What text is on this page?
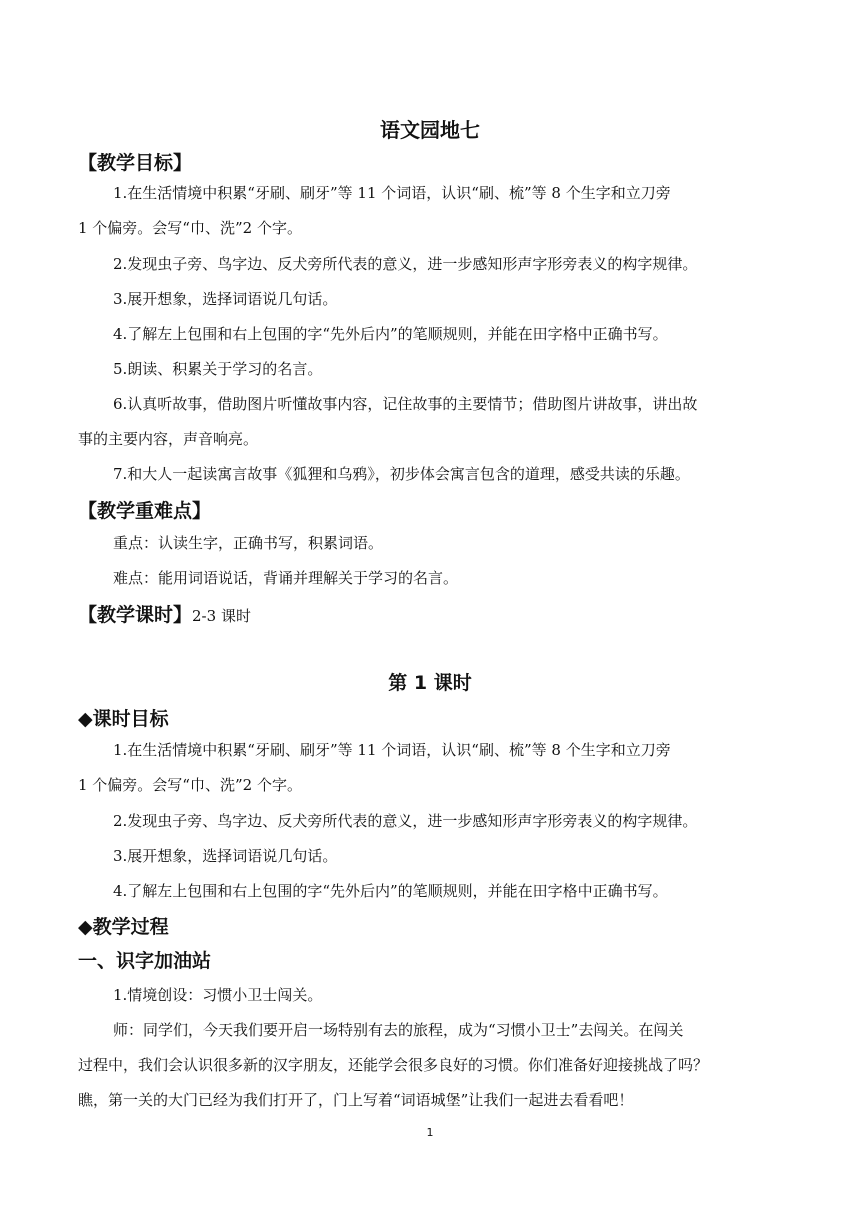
语文园地七
【教学目标】
1.在生活情境中积累“牙刷、刷牙”等 11 个词语，认识“刷、梳”等 8 个生字和立刀旁
1 个偏旁。会写“巾、洗”2 个字。
2.发现虫子旁、鸟字边、反犬旁所代表的意义，进一步感知形声字形旁表义的构字规律。
3.展开想象，选择词语说几句话。
4.了解左上包围和右上包围的字“先外后内”的笔顺规则，并能在田字格中正确书写。
5.朗读、积累关于学习的名言。
6.认真听故事，借助图片听懂故事内容，记住故事的主要情节；借助图片讲故事，讲出故
事的主要内容，声音响亮。
7.和大人一起读寓言故事《狐狸和乌鸦》，初步体会寓言包含的道理，感受共读的乐趣。
【教学重难点】
重点：认读生字，正确书写，积累词语。
难点：能用词语说话，背诵并理解关于学习的名言。
【教学课时】2-3 课时
第 1 课时
◆课时目标
1.在生活情境中积累“牙刷、刷牙”等 11 个词语，认识“刷、梳”等 8 个生字和立刀旁
1 个偏旁。会写“巾、洗”2 个字。
2.发现虫子旁、鸟字边、反犬旁所代表的意义，进一步感知形声字形旁表义的构字规律。
3.展开想象，选择词语说几句话。
4.了解左上包围和右上包围的字“先外后内”的笔顺规则，并能在田字格中正确书写。
◆教学过程
一、识字加油站
1.情境创设：习惯小卫士闯关。
师：同学们，今天我们要开启一场特别有去的旅程，成为“习惯小卫士”去闯关。在闯关
过程中，我们会认识很多新的汉字朋友，还能学会很多良好的习惯。你们准备好迎接挑战了吗？
瞧，第一关的大门已经为我们打开了，门上写着“词语城堡”让我们一起进去看看吧！
1
